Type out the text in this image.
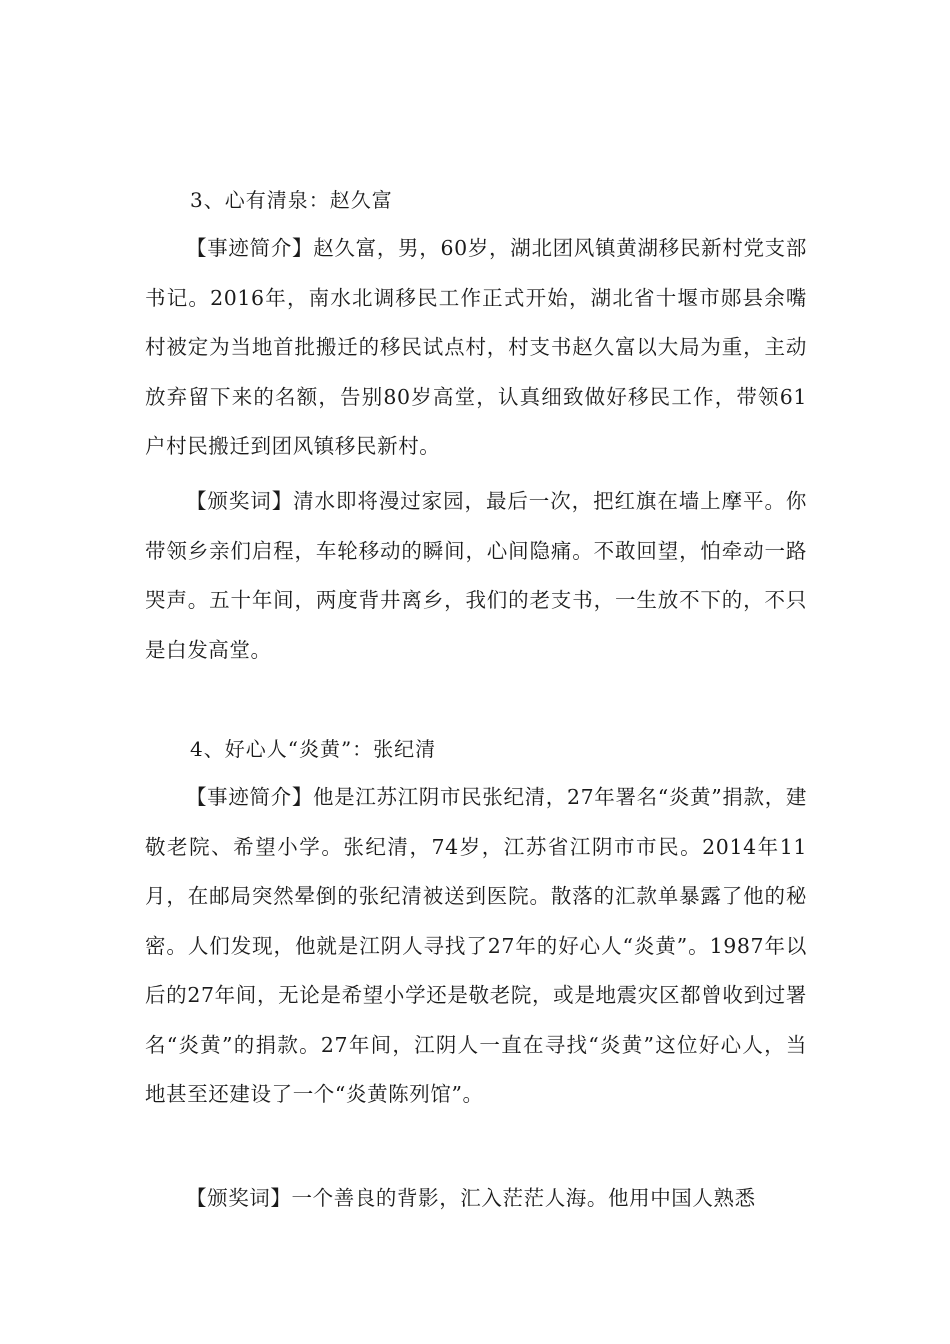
3、心有清泉：赵久富

【事迹简介】赵久富，男，60岁，湖北团风镇黄湖移民新村党支部书记。2016年，南水北调移民工作正式开始，湖北省十堰市郧县余嘴村被定为当地首批搬迁的移民试点村，村支书赵久富以大局为重，主动放弃留下来的名额，告别80岁高堂，认真细致做好移民工作，带领61户村民搬迁到团风镇移民新村。

【颁奖词】清水即将漫过家园，最后一次，把红旗在墙上摩平。你带领乡亲们启程，车轮移动的瞬间，心间隐痛。不敢回望，怕牵动一路哭声。五十年间，两度背井离乡，我们的老支书，一生放不下的，不只是白发高堂。

4、好心人“炎黄”：张纪清

【事迹简介】他是江苏江阴市民张纪清，27年署名“炎黄”捐款，建敬老院、希望小学。张纪清，74岁，江苏省江阴市市民。2014年11月，在邮局突然晕倒的张纪清被送到医院。散落的汇款单暴露了他的秘密。人们发现，他就是江阴人寻找了27年的好心人“炎黄”。1987年以后的27年间，无论是希望小学还是敬老院，或是地震灾区都曾收到过署名“炎黄”的捐款。27年间，江阴人一直在寻找“炎黄”这位好心人，当地甚至还建设了一个“炎黄陈列馆”。

【颁奖词】一个善良的背影，汇入茫茫人海。他用中国人熟悉
